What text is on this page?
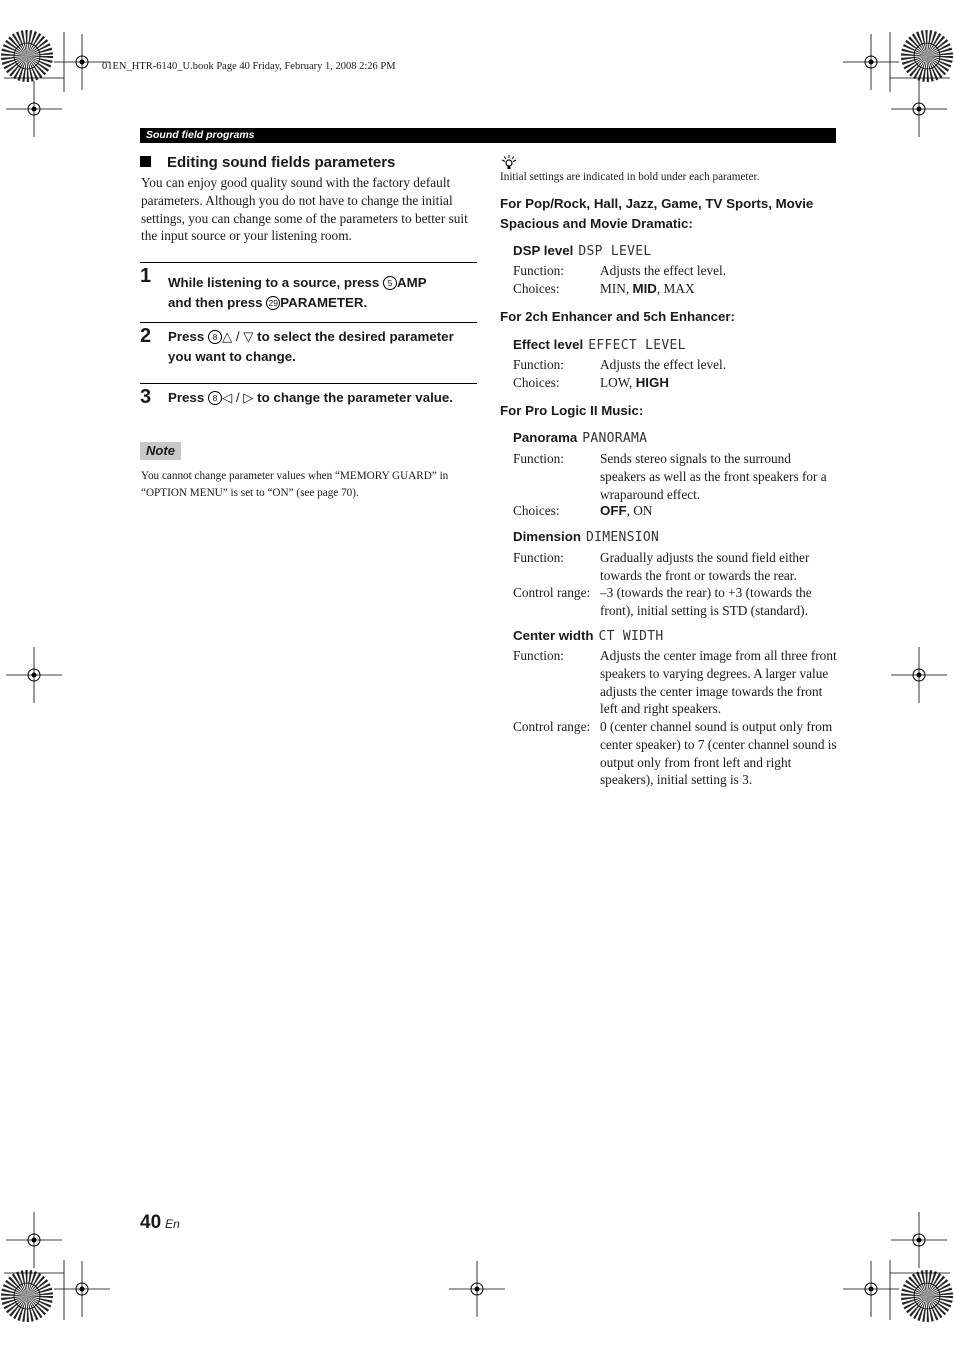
01EN_HTR-6140_U.book Page 40 Friday, February 1, 2008 2:26 PM
Sound field programs
Editing sound fields parameters
You can enjoy good quality sound with the factory default parameters. Although you do not have to change the initial settings, you can change some of the parameters to better suit the input source or your listening room.
1 While listening to a source, press 5 AMP
and then press 29 PARAMETER.
2 Press 8 △ / ▽ to select the desired parameter you want to change.
3 Press 8 ◁ / ▷ to change the parameter value.
Note
You cannot change parameter values when “MEMORY GUARD” in “OPTION MENU” is set to “ON” (see page 70).
Initial settings are indicated in bold under each parameter.
For Pop/Rock, Hall, Jazz, Game, TV Sports, Movie Spacious and Movie Dramatic:
DSP level DSP LEVEL
Function:	Adjusts the effect level.
Choices:	MIN, MID, MAX
For 2ch Enhancer and 5ch Enhancer:
Effect level EFFECT LEVEL
Function:	Adjusts the effect level.
Choices:	LOW, HIGH
For Pro Logic II Music:
Panorama PANORAMA
Function:	Sends stereo signals to the surround speakers as well as the front speakers for a wraparound effect.
Choices:	OFF, ON
Dimension DIMENSION
Function:	Gradually adjusts the sound field either towards the front or towards the rear.
Control range: –3 (towards the rear) to +3 (towards the front), initial setting is STD (standard).
Center width CT WIDTH
Function:	Adjusts the center image from all three front speakers to varying degrees. A larger value adjusts the center image towards the front left and right speakers.
Control range: 0 (center channel sound is output only from center speaker) to 7 (center channel sound is output only from front left and right speakers), initial setting is 3.
40 En
